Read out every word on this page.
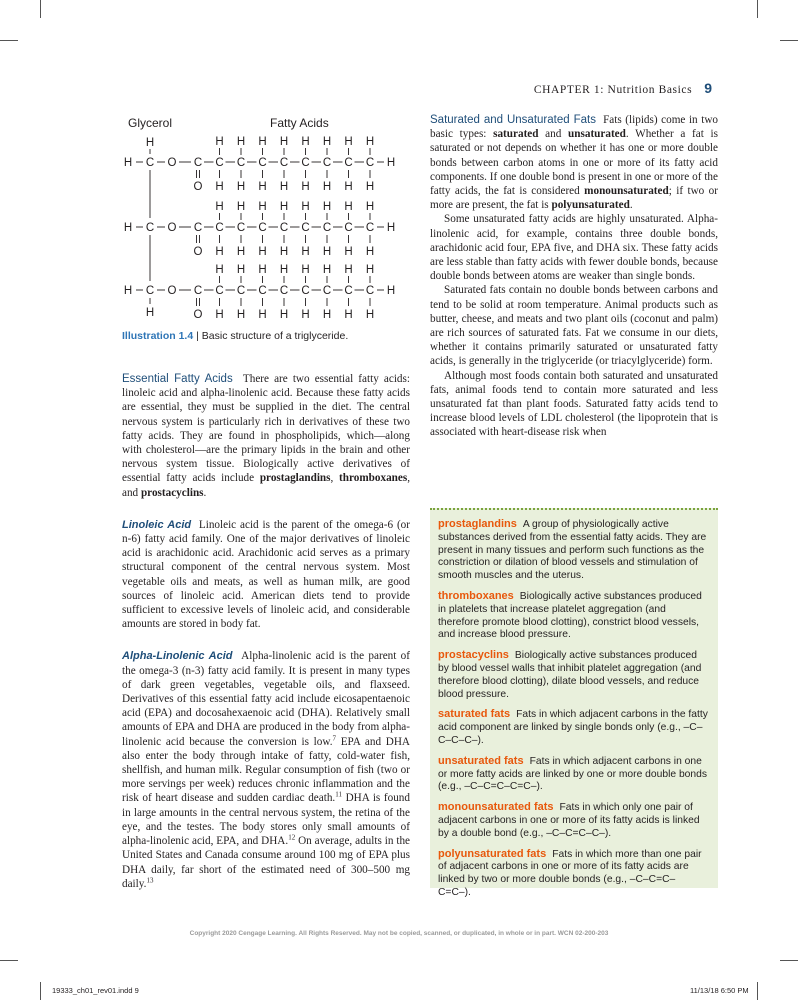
CHAPTER 1: Nutrition Basics 9
Glycerol	Fatty Acids
H C O C
O
C
H
H
C
H
H
C
H
H
C
H
H
C
H
H
C
H
H
C
H
H
C
H
H
H
H C O C
O
C
H
H
C
H
H
C
H
H
C
H
H
C
H
H
C
H
H
C
H
H
C
H
H
H
H C O C
O
C
H
H
C
H
H
C
H
H
C
H
H
C
H
H
C
H
H
C
H
H
C
H
H
H
H
H
Illustration 1.4 | Basic structure of a triglyceride.

Essential Fatty Acids There are two essential fatty acids: linoleic acid and alpha-linolenic acid. Because these fatty acids are essential, they must be supplied in the diet. The central nervous system is particularly rich in derivatives of these two fatty acids. They are found in phospholipids, which—along with cholesterol—are the primary lipids in the brain and other nervous system tissue. Biologically active derivatives of essential fatty acids include prostaglandins, thromboxanes, and prostacyclins.

Linoleic Acid Linoleic acid is the parent of the omega-6 (or n-6) fatty acid family. One of the major derivatives of linoleic acid is arachidonic acid. Arachidonic acid serves as a primary structural component of the central nervous system. Most vegetable oils and meats, as well as human milk, are good sources of linoleic acid. American diets tend to provide sufficient to excessive levels of linoleic acid, and considerable amounts are stored in body fat.

Alpha-Linolenic Acid Alpha-linolenic acid is the parent of the omega-3 (n-3) fatty acid family. It is present in many types of dark green vegetables, vegetable oils, and flaxseed. Derivatives of this essential fatty acid include eicosapentaenoic acid (EPA) and docosahexaenoic acid (DHA). Relatively small amounts of EPA and DHA are produced in the body from alpha-linolenic acid because the conversion is low.$^7$ EPA and DHA also enter the body through intake of fatty, cold-water fish, shellfish, and human milk. Regular consumption of fish (two or more servings per week) reduces chronic inflammation and the risk of heart disease and sudden cardiac death.$^{11}$ DHA is found in large amounts in the central nervous system, the retina of the eye, and the testes. The body stores only small amounts of alpha-linolenic acid, EPA, and DHA.$^{12}$ On average, adults in the United States and Canada consume around 100 mg of EPA plus DHA daily, far short of the estimated need of 300–500 mg daily.$^{13}$

Saturated and Unsaturated Fats Fats (lipids) come in two basic types: saturated and unsaturated. Whether a fat is saturated or not depends on whether it has one or more double bonds between carbon atoms in one or more of its fatty acid components. If one double bond is present in one or more of the fatty acids, the fat is considered monounsaturated; if two or more are present, the fat is polyunsaturated.

Some unsaturated fatty acids are highly unsaturated. Alpha-linolenic acid, for example, contains three double bonds, arachidonic acid four, EPA five, and DHA six. These fatty acids are less stable than fatty acids with fewer double bonds, because double bonds between atoms are weaker than single bonds.

Saturated fats contain no double bonds between carbons and tend to be solid at room temperature. Animal products such as butter, cheese, and meats and two plant oils (coconut and palm) are rich sources of saturated fats. Fat we consume in our diets, whether it contains primarily saturated or unsaturated fatty acids, is generally in the triglyceride (or triacylglyceride) form.

Although most foods contain both saturated and unsaturated fats, animal foods tend to contain more saturated and less unsaturated fat than plant foods. Saturated fatty acids tend to increase blood levels of LDL cholesterol (the lipoprotein that is associated with heart-disease risk when

prostaglandins A group of physiologically active substances derived from the essential fatty acids. They are present in many tissues and perform such functions as the constriction or dilation of blood vessels and stimulation of smooth muscles and the uterus.
thromboxanes Biologically active substances produced in platelets that increase platelet aggregation (and therefore promote blood clotting), constrict blood vessels, and increase blood pressure.
prostacyclins Biologically active substances produced by blood vessel walls that inhibit platelet aggregation (and therefore blood clotting), dilate blood vessels, and reduce blood pressure.
saturated fats Fats in which adjacent carbons in the fatty acid component are linked by single bonds only (e.g., –C–C–C–C–).
unsaturated fats Fats in which adjacent carbons in one or more fatty acids are linked by one or more double bonds (e.g., –C–C=C–C=C–).
monounsaturated fats Fats in which only one pair of adjacent carbons in one or more of its fatty acids is linked by a double bond (e.g., –C–C=C–C–).
polyunsaturated fats Fats in which more than one pair of adjacent carbons in one or more of its fatty acids are linked by two or more double bonds (e.g., –C–C=C–C=C–).
Copyright 2020 Cengage Learning. All Rights Reserved. May not be copied, scanned, or duplicated, in whole or in part. WCN 02-200-203
19333_ch01_rev01.indd 9	11/13/18 6:50 PM
